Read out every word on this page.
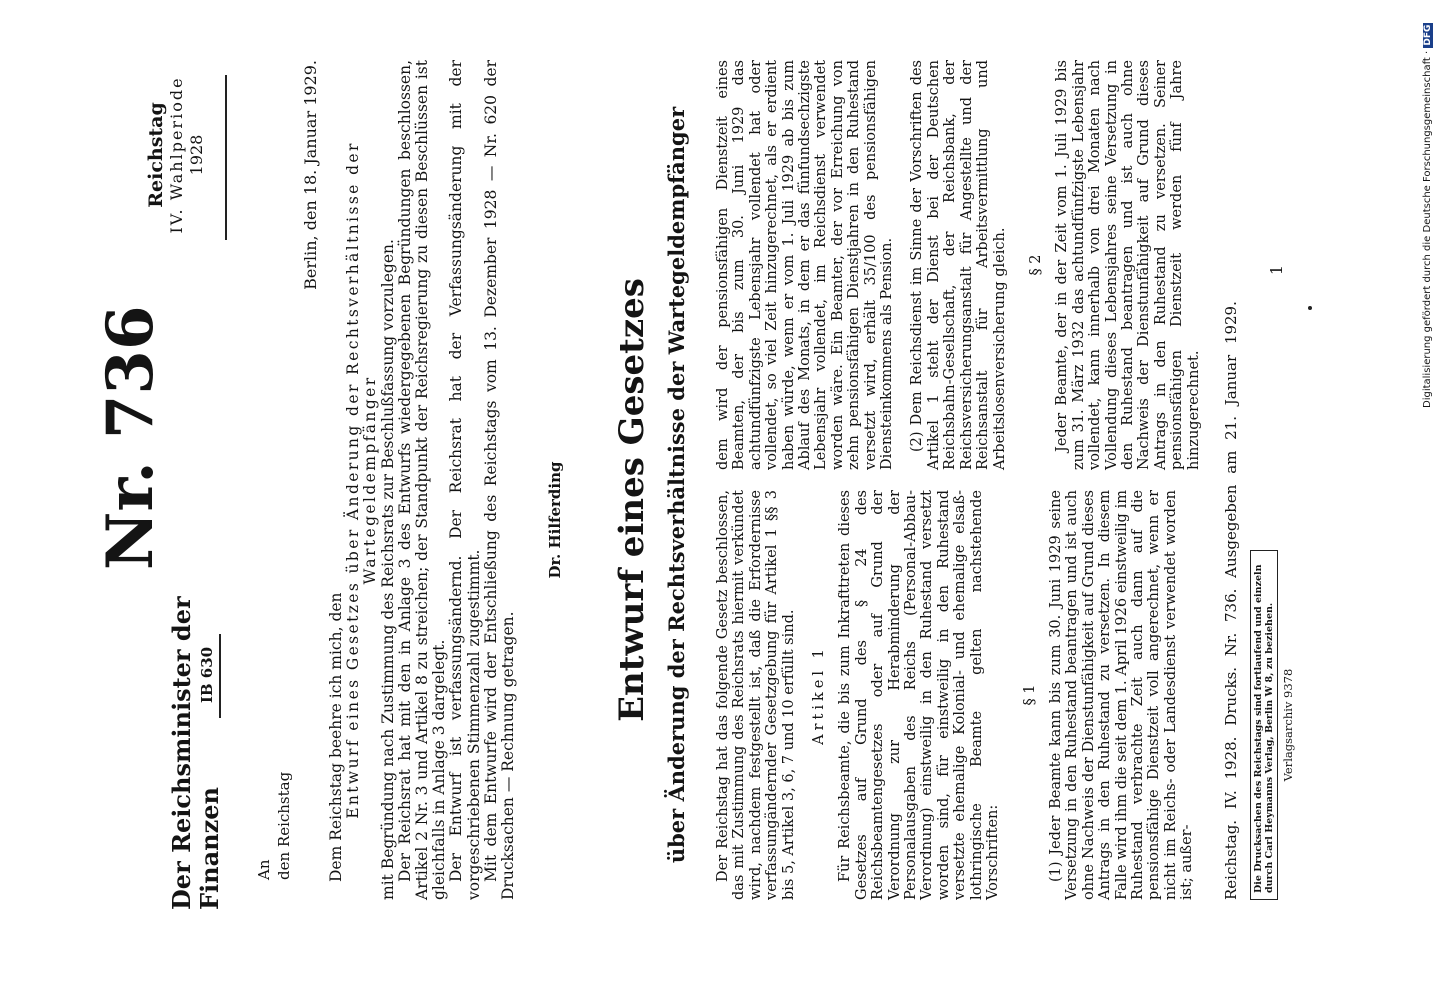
Reichstag IV. Wahlperiode 1928
Der Reichsminister der Finanzen
IB 630
Nr. 736
An den Reichstag
Berlin, den 18. Januar 1929.

Dem Reichstag beehre ich mich, den Entwurf eines Gesetzes über Änderung der Rechtsverhältnisse der Wartegeldempfänger mit Begründung nach Zustimmung des Reichsrats zur Beschlußfassung vorzulegen. Der Reichsrat hat mit den in Anlage 3 des Entwurfs wiedergegebenen Begründungen beschlossen, Artikel 2 Nr. 3 und Artikel 8 zu streichen; der Standpunkt der Reichsregierung zu diesen Beschlüssen ist gleichfalls in Anlage 3 dargelegt. Der Entwurf ist verfassungsändernd. Der Reichsrat hat der Verfassungsänderung mit der vorgeschriebenen Stimmenzahl zugestimmt. Mit dem Entwurfe wird der Entschließung des Reichstags vom 13. Dezember 1928 — Nr. 620 der Drucksachen — Rechnung getragen.

Dr. Hilferding Entwurf eines Gesetzes über Änderung der Rechtsverhältnisse der Wartegeldempfänger Der Reichstag hat das folgende Gesetz beschlossen, das mit Zustimmung des Reichsrats hiermit verkündet wird, nachdem festgestellt ist, daß die Erfordernisse verfassungändernder Gesetzgebung für Artikel 1 §§ 3 bis 5, Artikel 3, 6, 7 und 10 erfüllt sind. Artikel 1 Für Reichsbeamte, die bis zum Inkrafttreten dieses Gesetzes auf Grund des § 24 des Reichsbeamtengesetzes oder auf Grund der Verordnung zur Herabminderung der Personalausgaben des Reichs (Personal-Abbau-Verordnung) einstweilig in den Ruhestand versetzt worden sind, für einstweilig in den Ruhestand versetzte ehemalige Kolonial- und ehemalige elsaß-lothringische Beamte gelten nachstehende Vorschriften:

§ 1 (1) Jeder Beamte kann bis zum 30. Juni 1929 seine Versetzung in den Ruhestand beantragen und ist auch ohne Nachweis der Dienstunfähigkeit auf Grund dieses Antrags in den Ruhestand zu versetzen. In diesem Falle wird ihm die seit dem 1. April 1926 einstweilig im Ruhestand verbrachte Zeit auch dann auf die pensionsfähige Dienstzeit voll angerechnet, wenn er nicht im Reichs- oder Landesdienst verwendet worden ist; außer-

dem wird der pensionsfähigen Dienstzeit eines Beamten, der bis zum 30. Juni 1929 das achtundfünfzigste Lebensjahr vollendet hat oder vollendet, so viel Zeit hinzugerechnet, als er erdient haben würde, wenn er vom 1. Juli 1929 ab bis zum Ablauf des Monats, in dem er das fünfundsechzigste Lebensjahr vollendet, im Reichsdienst verwendet worden wäre. Ein Beamter, der vor Erreichung von zehn pensionsfähigen Dienstjahren in den Ruhestand versetzt wird, erhält 35/100 des pensionsfähigen Diensteinkommens als Pension. (2) Dem Reichsdienst im Sinne der Vorschriften des Artikel 1 steht der Dienst bei der Deutschen Reichsbahn-Gesellschaft, der Reichsbank, der Reichsversicherungsanstalt für Angestellte und der Reichsanstalt für Arbeitsvermittlung und Arbeitslosenversicherung gleich. § 2 Jeder Beamte, der in der Zeit vom 1. Juli 1929 bis zum 31. März 1932 das achtundfünfzigste Lebensjahr vollendet, kann innerhalb von drei Monaten nach Vollendung dieses Lebensjahres seine Versetzung in den Ruhestand beantragen und ist auch ohne Nachweis der Dienstunfähigkeit auf Grund dieses Antrags in den Ruhestand zu versetzen. Seiner pensionsfähigen Dienstzeit werden fünf Jahre hinzugerechnet.

1
Reichstag. IV. 1928. Drucks. Nr. 736. Ausgegeben am 21. Januar 1929. Die Drucksachen des Reichstags sind fortlaufend und einzeln durch Carl Heymanns Verlag, Berlin W 8, zu beziehen. Verlagsarchiv 9378
Digitalisierung gefördert durch die Deutsche Forschungsgemeinschaft · DFG
